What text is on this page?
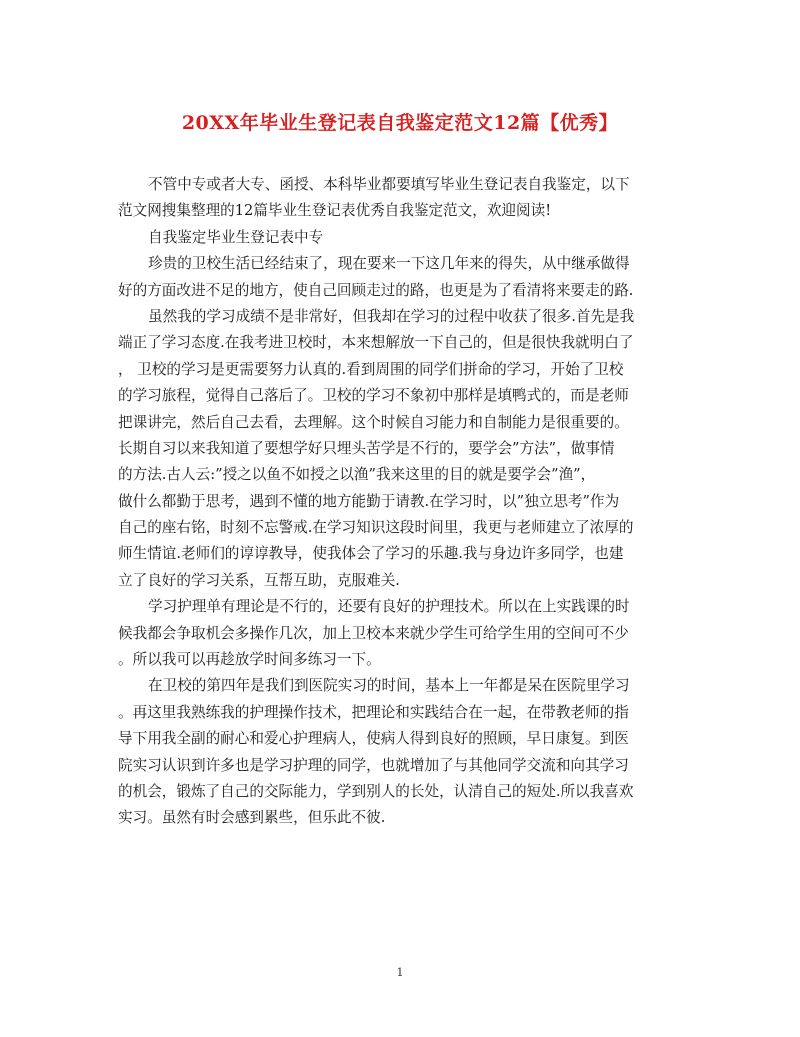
20XX年毕业生登记表自我鉴定范文12篇【优秀】
不管中专或者大专、函授、本科毕业都要填写毕业生登记表自我鉴定，以下
范文网搜集整理的12篇毕业生登记表优秀自我鉴定范文，欢迎阅读!
自我鉴定毕业生登记表中专
珍贵的卫校生活已经结束了，现在要来一下这几年来的得失，从中继承做得
好的方面改进不足的地方，使自己回顾走过的路，也更是为了看清将来要走的路.
虽然我的学习成绩不是非常好，但我却在学习的过程中收获了很多.首先是我
端正了学习态度.在我考进卫校时，本来想解放一下自己的，但是很快我就明白了
， 卫校的学习是更需要努力认真的.看到周围的同学们拼命的学习，开始了卫校
的学习旅程，觉得自己落后了。卫校的学习不象初中那样是填鸭式的，而是老师
把课讲完，然后自己去看，去理解。这个时候自习能力和自制能力是很重要的。
长期自习以来我知道了要想学好只埋头苦学是不行的，要学会”方法”，做事情
的方法.古人云:”授之以鱼不如授之以渔”我来这里的目的就是要学会”渔”，
做什么都勤于思考，遇到不懂的地方能勤于请教.在学习时，以”独立思考”作为
自己的座右铭，时刻不忘警戒.在学习知识这段时间里，我更与老师建立了浓厚的
师生情谊.老师们的谆谆教导，使我体会了学习的乐趣.我与身边许多同学，也建
立了良好的学习关系，互帮互助，克服难关.
学习护理单有理论是不行的，还要有良好的护理技术。所以在上实践课的时
候我都会争取机会多操作几次，加上卫校本来就少学生可给学生用的空间可不少
。所以我可以再趁放学时间多练习一下。
在卫校的第四年是我们到医院实习的时间，基本上一年都是呆在医院里学习
。再这里我熟练我的护理操作技术，把理论和实践结合在一起，在带教老师的指
导下用我全副的耐心和爱心护理病人，使病人得到良好的照顾，早日康复。到医
院实习认识到许多也是学习护理的同学，也就增加了与其他同学交流和向其学习
的机会，锻炼了自己的交际能力，学到别人的长处，认清自己的短处.所以我喜欢
实习。虽然有时会感到累些，但乐此不彼.
1
